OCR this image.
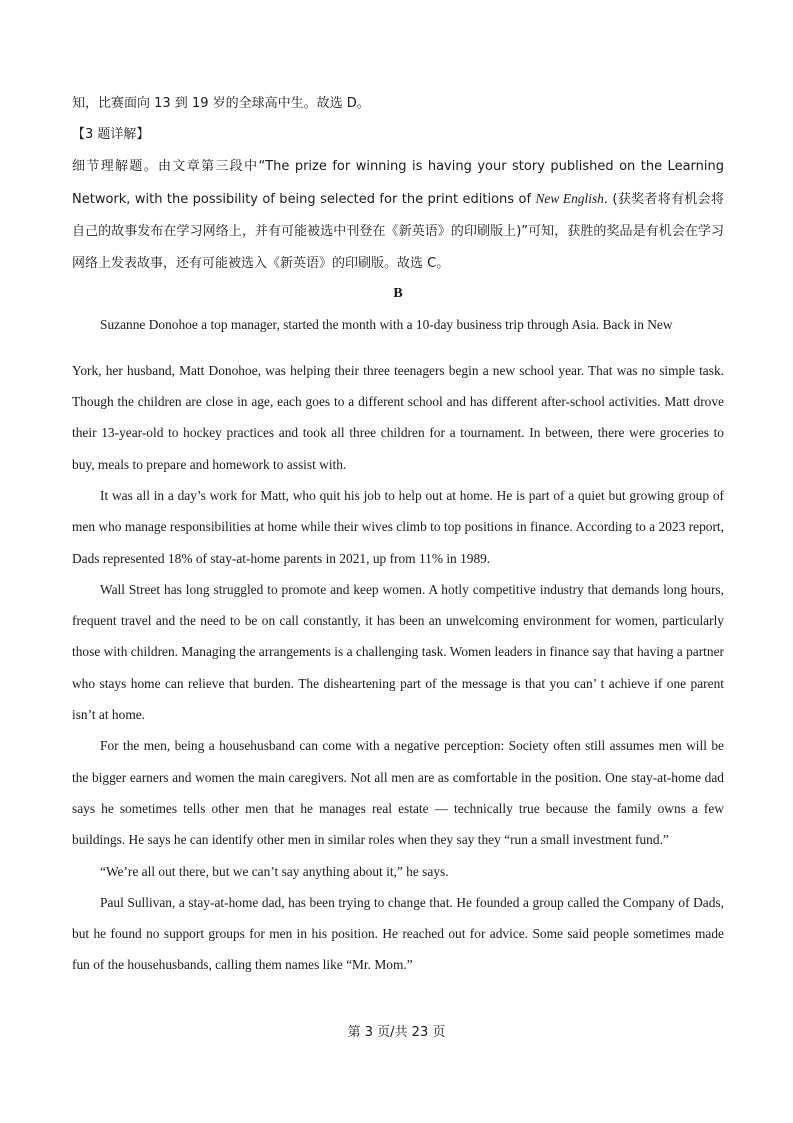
知，比赛面向 13 到 19 岁的全球高中生。故选 D。
【3 题详解】

细节理解题。由文章第三段中“The prize for winning is having your story published on the Learning Network, with the possibility of being selected for the print editions of New English. (获奖者将有机会将自己的故事发布在学习网络上，并有可能被选中刊登在《新英语》的印刷版上)”可知，获胜的奖品是有机会在学习网络上发表故事，还有可能被选入《新英语》的印刷版。故选 C。

B

Suzanne Donohoe a top manager, started the month with a 10-day business trip through Asia. Back in New

York, her husband, Matt Donohoe, was helping their three teenagers begin a new school year. That was no simple task. Though the children are close in age, each goes to a different school and has different after-school activities. Matt drove their 13-year-old to hockey practices and took all three children for a tournament. In between, there were groceries to buy, meals to prepare and homework to assist with.

It was all in a day’s work for Matt, who quit his job to help out at home. He is part of a quiet but growing group of men who manage responsibilities at home while their wives climb to top positions in finance. According to a 2023 report, Dads represented 18% of stay-at-home parents in 2021, up from 11% in 1989.

Wall Street has long struggled to promote and keep women. A hotly competitive industry that demands long hours, frequent travel and the need to be on call constantly, it has been an unwelcoming environment for women, particularly those with children. Managing the arrangements is a challenging task. Women leaders in finance say that having a partner who stays home can relieve that burden. The disheartening part of the message is that you can’ t achieve if one parent isn’t at home.

For the men, being a househusband can come with a negative perception: Society often still assumes men will be the bigger earners and women the main caregivers. Not all men are as comfortable in the position. One stay-at-home dad says he sometimes tells other men that he manages real estate — technically true because the family owns a few buildings. He says he can identify other men in similar roles when they say they “run a small investment fund.”

“We’re all out there, but we can’t say anything about it,” he says.

Paul Sullivan, a stay-at-home dad, has been trying to change that. He founded a group called the Company of Dads, but he found no support groups for men in his position. He reached out for advice. Some said people sometimes made fun of the househusbands, calling them names like “Mr. Mom.”

第 3 页/共 23 页
